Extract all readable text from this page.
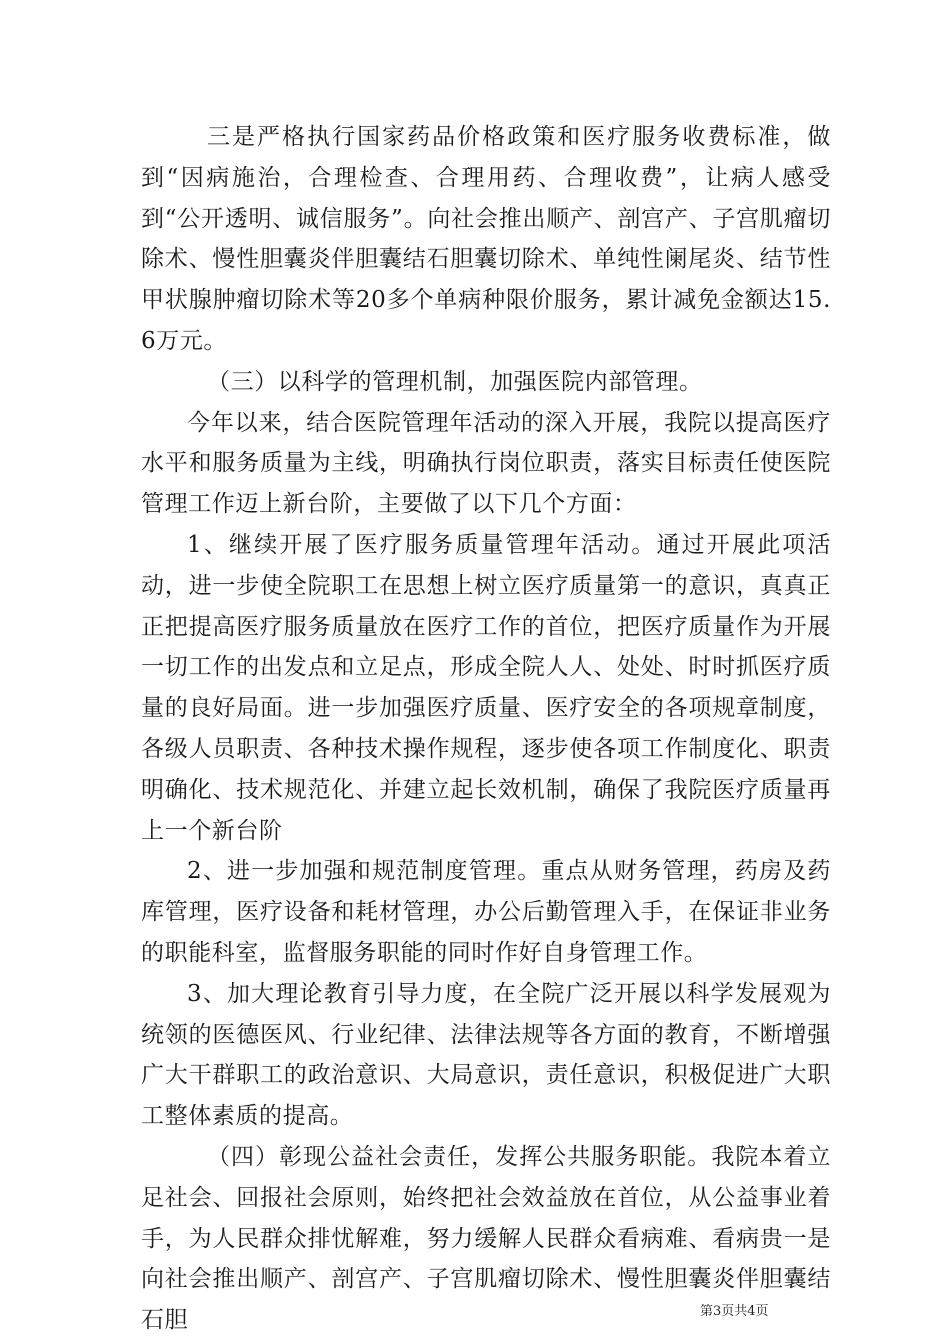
三是严格执行国家药品价格政策和医疗服务收费标准，做到“因病施治，合理检查、合理用药、合理收费”，让病人感受到“公开透明、诚信服务”。向社会推出顺产、剖宫产、子宫肌瘤切除术、慢性胆囊炎伴胆囊结石胆囊切除术、单纯性阑尾炎、结节性甲状腺肿瘤切除术等20多个单病种限价服务，累计减免金额达15.6万元。

（三）以科学的管理机制，加强医院内部管理。

今年以来，结合医院管理年活动的深入开展，我院以提高医疗水平和服务质量为主线，明确执行岗位职责，落实目标责任使医院管理工作迈上新台阶，主要做了以下几个方面：

1、继续开展了医疗服务质量管理年活动。通过开展此项活动，进一步使全院职工在思想上树立医疗质量第一的意识，真真正正把提高医疗服务质量放在医疗工作的首位，把医疗质量作为开展一切工作的出发点和立足点，形成全院人人、处处、时时抓医疗质量的良好局面。进一步加强医疗质量、医疗安全的各项规章制度，各级人员职责、各种技术操作规程，逐步使各项工作制度化、职责明确化、技术规范化、并建立起长效机制，确保了我院医疗质量再上一个新台阶

2、进一步加强和规范制度管理。重点从财务管理，药房及药库管理，医疗设备和耗材管理，办公后勤管理入手，在保证非业务的职能科室，监督服务职能的同时作好自身管理工作。

3、加大理论教育引导力度，在全院广泛开展以科学发展观为统领的医德医风、行业纪律、法律法规等各方面的教育，不断增强广大干群职工的政治意识、大局意识，责任意识，积极促进广大职工整体素质的提高。

（四）彰现公益社会责任，发挥公共服务职能。我院本着立足社会、回报社会原则，始终把社会效益放在首位，从公益事业着手，为人民群众排忧解难，努力缓解人民群众看病难、看病贵一是向社会推出顺产、剖宫产、子宫肌瘤切除术、慢性胆囊炎伴胆囊结石胆	第3页共4页
